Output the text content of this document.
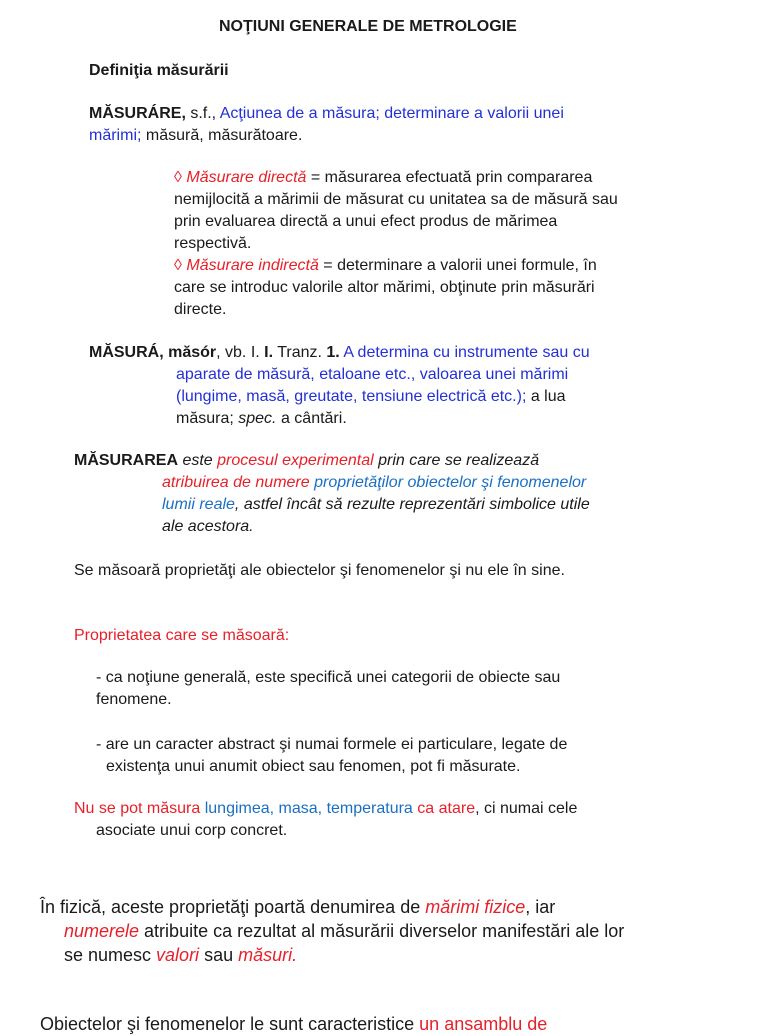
NOŢIUNI GENERALE DE METROLOGIE
Definiţia măsurării
MĂSURÁRE, s.f., Acţiunea de a măsura; determinare a valorii unei
mărimi; măsură, măsurătoare.
◊ Măsurare directă = măsurarea efectuată prin compararea
nemijlocită a mărimii de măsurat cu unitatea sa de măsură sau
prin evaluarea directă a unui efect produs de mărimea
respectivă.
◊ Măsurare indirectă = determinare a valorii unei formule, în
care se introduc valorile altor mărimi, obţinute prin măsurări
directe.
MĂSURÁ, măsór, vb. I. I. Tranz. 1. A determina cu instrumente sau cu
aparate de măsură, etaloane etc., valoarea unei mărimi
(lungime, masă, greutate, tensiune electrică etc.); a lua
măsura; spec. a cântări.
MĂSURAREA este procesul experimental prin care se realizează
atribuirea de numere proprietăţilor obiectelor şi fenomenelor
lumii reale, astfel încât să rezulte reprezentări simbolice utile
ale acestora.
Se măsoară proprietăţi ale obiectelor şi fenomenelor şi nu ele în sine.
Proprietatea care se măsoară:
- ca noţiune generală, este specifică unei categorii de obiecte sau
fenomene.
- are un caracter abstract şi numai formele ei particulare, legate de
existenţa unui anumit obiect sau fenomen, pot fi măsurate.
Nu se pot măsura lungimea, masa, temperatura ca atare, ci numai cele
asociate unui corp concret.
În fizică, aceste proprietăţi poartă denumirea de mărimi fizice, iar
numerele atribuite ca rezultat al măsurării diverselor manifestări ale lor
se numesc valori sau măsuri.
Obiectelor şi fenomenelor le sunt caracteristice un ansamblu de
